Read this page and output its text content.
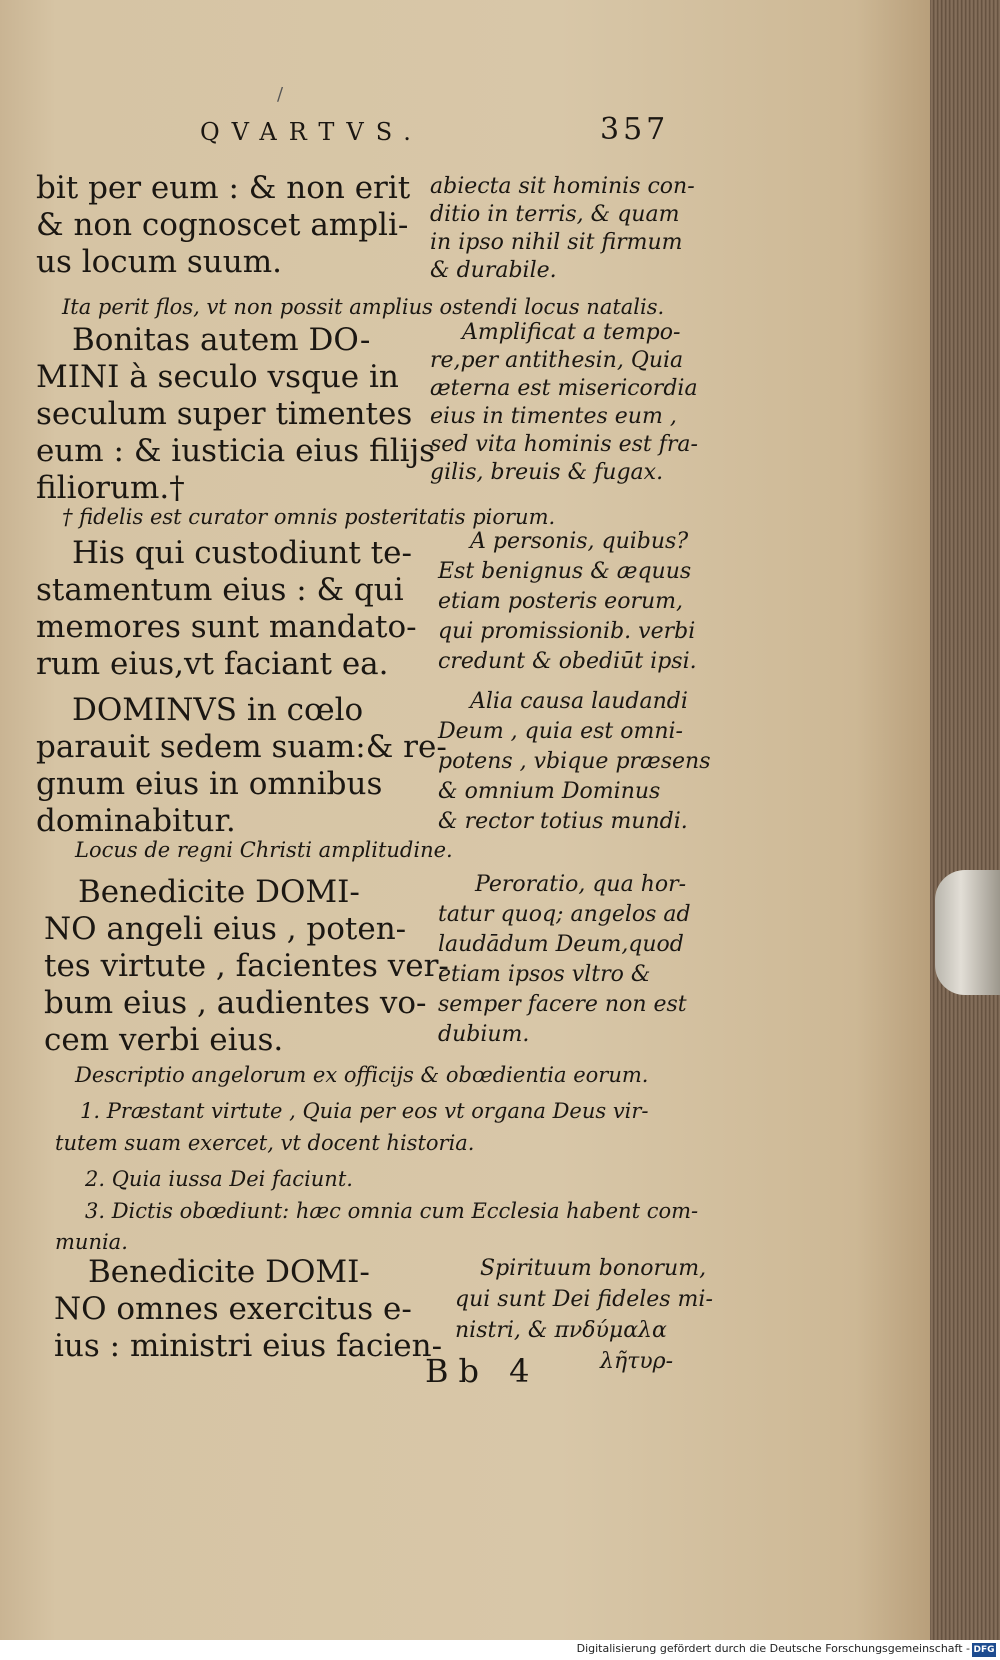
/
QVARTVS.	357
bit per eum : & non erit
& non cognoscet ampli-
us locum suum.
Bonitas autem DO-
MINI à seculo vsque in
seculum super timentes
eum : & iusticia eius filijs
filiorum.†
His qui custodiunt te-
stamentum eius : & qui
memores sunt mandato-
rum eius,vt faciant ea.
DOMINVS in cœlo
parauit sedem suam:& re-
gnum eius in omnibus
dominabitur.
Benedicite DOMI-
NO angeli eius , poten-
tes virtute , facientes ver-
bum eius , audientes vo-
cem verbi eius.
Benedicite DOMI-
NO omnes exercitus e-
ius : ministri eius facien-
abiecta sit hominis con-
ditio in terris, & quam
in ipso nihil sit firmum
& durabile.
Amplificat a tempo-
re,per antithesin, Quia
æterna est misericordia
eius in timentes eum ,
sed vita hominis est fra-
gilis, breuis & fugax.
A personis, quibus?
Est benignus & æquus
etiam posteris eorum,
qui promissionib. verbi
credunt & obediūt ipsi.
Alia causa laudandi
Deum , quia est omni-
potens , vbique præsens
& omnium Dominus
& rector totius mundi.
Peroratio, qua hor-
tatur quoq; angelos ad
laudādum Deum,quod
etiam ipsos vltro &
semper facere non est
dubium.
Spirituum bonorum,
qui sunt Dei fideles mi-
nistri, & πνδύμαλα
λῆτυρ-
Ita perit flos, vt non possit amplius ostendi locus natalis.
† fidelis est curator omnis posteritatis piorum.
Locus de regni Christi amplitudine.
Descriptio angelorum ex officijs & obœdientia eorum.
1. Præstant virtute , Quia per eos vt organa Deus vir-
tutem suam exercet, vt docent historia.
2. Quia iussa Dei faciunt.
3. Dictis obœdiunt: hæc omnia cum Ecclesia habent com-
munia.
Bb 4
Digitalisierung gefördert durch die Deutsche Forschungsgemeinschaft - DFG
